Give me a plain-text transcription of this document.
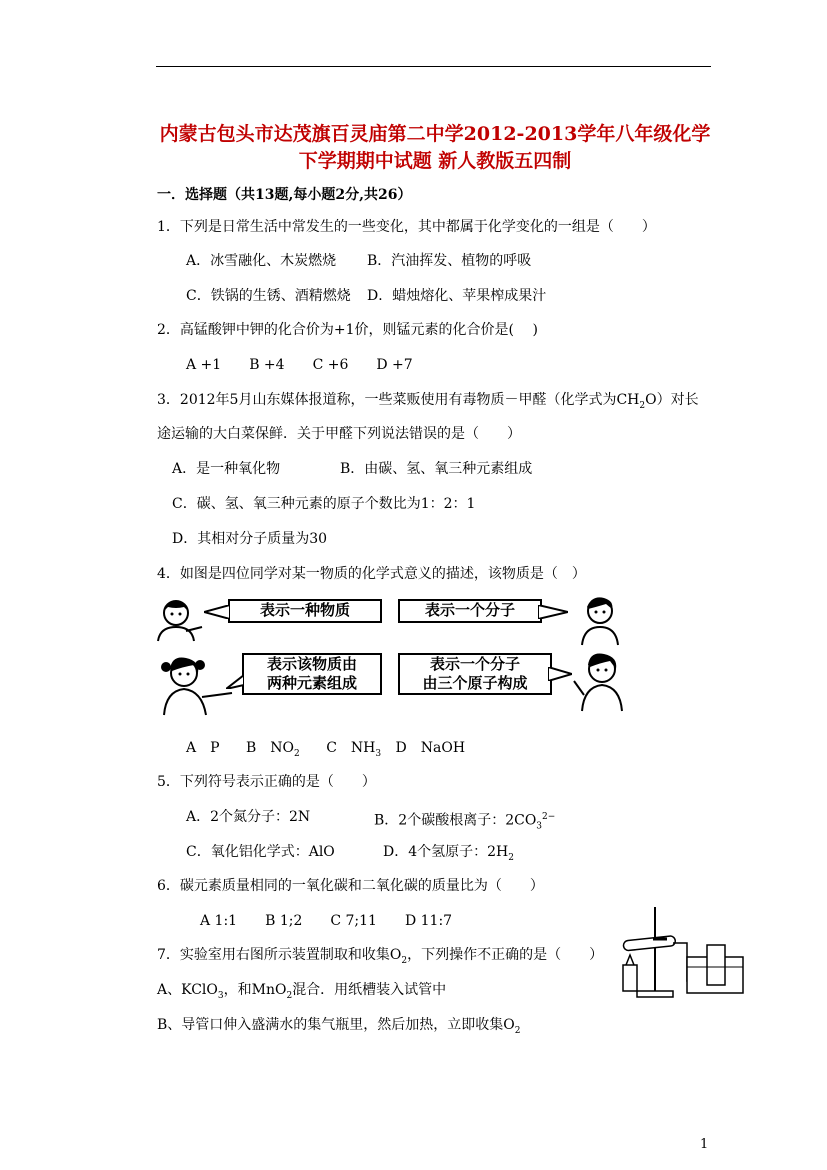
内蒙古包头市达茂旗百灵庙第二中学2012-2013学年八年级化学
下学期期中试题 新人教版五四制
一．选择题（共13题,每小题2分,共26）
1．下列是日常生活中常发生的一些变化，其中都属于化学变化的一组是（　　）
A．冰雪融化、木炭燃烧 B．汽油挥发、植物的呼吸
C．铁锅的生锈、酒精燃烧 D．蜡烛熔化、苹果榨成果汁
2．高锰酸钾中钾的化合价为+1价，则锰元素的化合价是(　 )
A +1　　B +4　　C +6　　D +7
3．2012年5月山东媒体报道称，一些菜贩使用有毒物质－甲醛（化学式为$CH_2O$）对长
途运输的大白菜保鲜．关于甲醛下列说法错误的是（　　）
A．是一种氧化物	B．由碳、氢、氧三种元素组成
C．碳、氢、氧三种元素的原子个数比为1：2：1
D．其相对分子质量为30
4．如图是四位同学对某一物质的化学式意义的描述，该物质是（　）
表示一种物质	表示一个分子
表示该物质由
两种元素组成
表示一个分子
由三个原子构成
A　P B　$NO_2$ C　$NH_3$ D　NaOH
5．下列符号表示正确的是（　　）
A．2个氮分子：2N	B．2个碳酸根离子：$2CO_3^{2-}$
C．氧化铝化学式：AlO	D．4个氢原子：$2H_2$
6．碳元素质量相同的一氧化碳和二氧化碳的质量比为（　　）
A 1:1　　B 1;2　　C 7;11　　D 11:7
7．实验室用右图所示装置制取和收集$O_2$，下列操作不正确的是（　　）
A、KClO$_3$，和MnO$_2$混合．用纸槽装入试管中
B、导管口伸入盛满水的集气瓶里，然后加热，立即收集$O_2$
1
